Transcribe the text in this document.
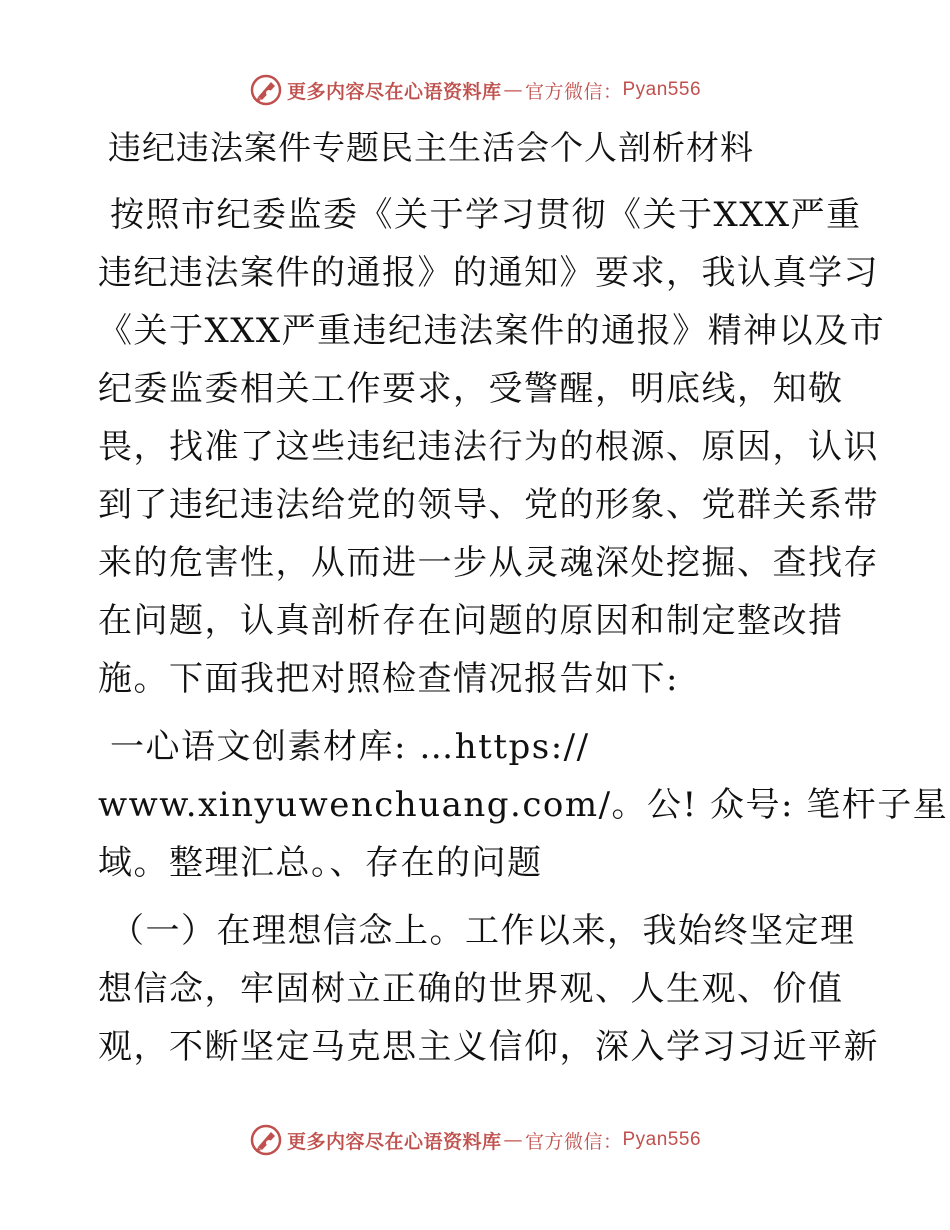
更多内容尽在心语资料库 — 官方微信： Pyan556
违纪违法案件专题民主生活会个人剖析材料

按照市纪委监委《关于学习贯彻《关于XXX严重
违纪违法案件的通报》的通知》要求，我认真学习
《关于XXX严重违纪违法案件的通报》精神以及市
纪委监委相关工作要求，受警醒，明底线，知敬
畏，找准了这些违纪违法行为的根源、原因，认识
到了违纪违法给党的领导、党的形象、党群关系带
来的危害性，从而进一步从灵魂深处挖掘、查找存
在问题，认真剖析存在问题的原因和制定整改措
施。下面我把对照检查情况报告如下:

一心语文创素材库: …https://
www.xinyuwenchuang.com/。公! 众号: 笔杆子星
域。整理汇总。、存在的问题

（一）在理想信念上。工作以来，我始终坚定理
想信念，牢固树立正确的世界观、人生观、价值
观，不断坚定马克思主义信仰，深入学习习近平新

更多内容尽在心语资料库 — 官方微信： Pyan556
